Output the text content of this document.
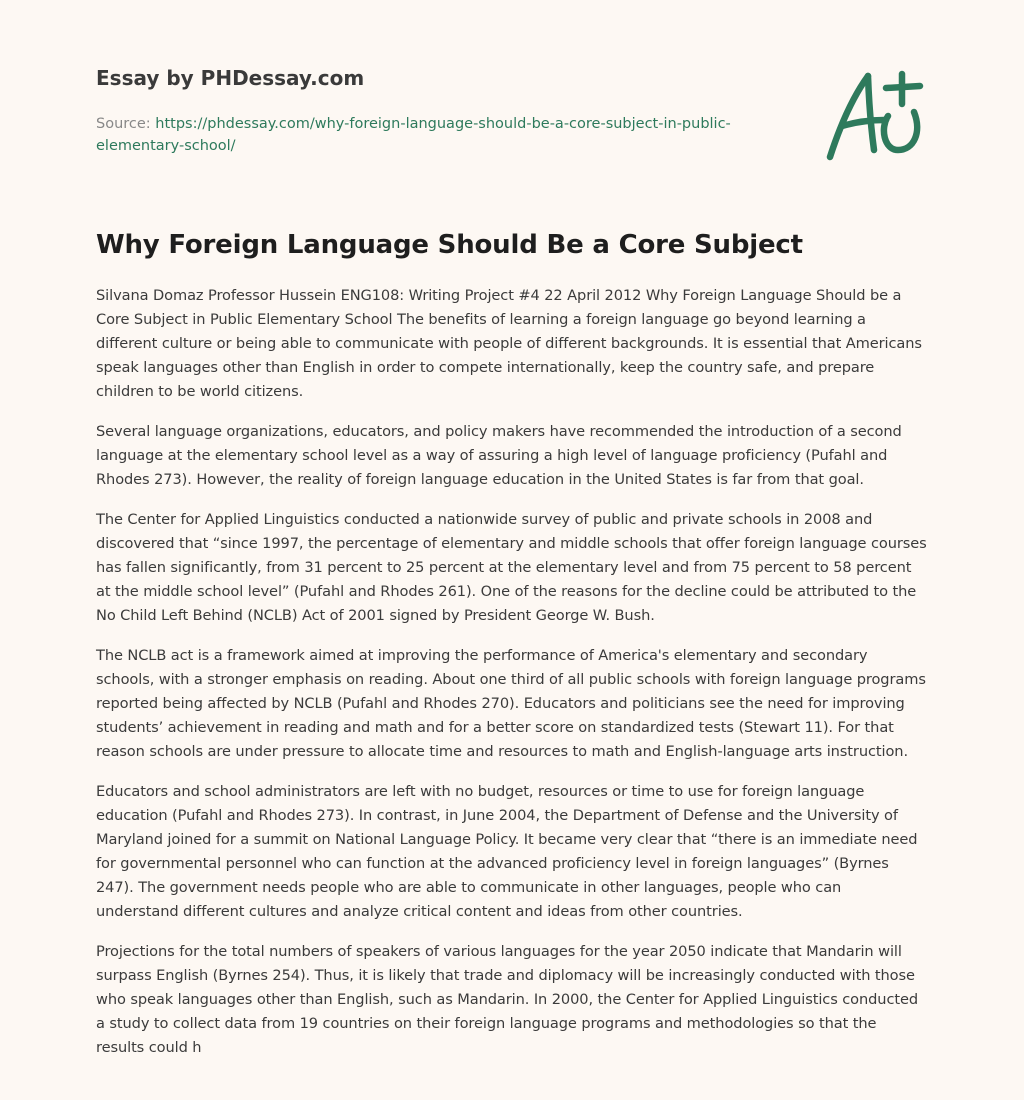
Essay by PHDessay.com
Source: https://phdessay.com/why-foreign-language-should-be-a-core-subject-in-public-elementary-school/
Why Foreign Language Should Be a Core Subject

Silvana Domaz Professor Hussein ENG108: Writing Project #4 22 April 2012 Why Foreign Language Should be a Core Subject in Public Elementary School The benefits of learning a foreign language go beyond learning a different culture or being able to communicate with people of different backgrounds. It is essential that Americans speak languages other than English in order to compete internationally, keep the country safe, and prepare children to be world citizens.

Several language organizations, educators, and policy makers have recommended the introduction of a second language at the elementary school level as a way of assuring a high level of language proficiency (Pufahl and Rhodes 273). However, the reality of foreign language education in the United States is far from that goal.

The Center for Applied Linguistics conducted a nationwide survey of public and private schools in 2008 and discovered that “since 1997, the percentage of elementary and middle schools that offer foreign language courses has fallen significantly, from 31 percent to 25 percent at the elementary level and from 75 percent to 58 percent at the middle school level” (Pufahl and Rhodes 261). One of the reasons for the decline could be attributed to the No Child Left Behind (NCLB) Act of 2001 signed by President George W. Bush.

The NCLB act is a framework aimed at improving the performance of America's elementary and secondary schools, with a stronger emphasis on reading. About one third of all public schools with foreign language programs reported being affected by NCLB (Pufahl and Rhodes 270). Educators and politicians see the need for improving students’ achievement in reading and math and for a better score on standardized tests (Stewart 11). For that reason schools are under pressure to allocate time and resources to math and English-language arts instruction.

Educators and school administrators are left with no budget, resources or time to use for foreign language education (Pufahl and Rhodes 273). In contrast, in June 2004, the Department of Defense and the University of Maryland joined for a summit on National Language Policy. It became very clear that “there is an immediate need for governmental personnel who can function at the advanced proficiency level in foreign languages” (Byrnes 247). The government needs people who are able to communicate in other languages, people who can understand different cultures and analyze critical content and ideas from other countries.

Projections for the total numbers of speakers of various languages for the year 2050 indicate that Mandarin will surpass English (Byrnes 254). Thus, it is likely that trade and diplomacy will be increasingly conducted with those who speak languages other than English, such as Mandarin. In 2000, the Center for Applied Linguistics conducted a study to collect data from 19 countries on their foreign language programs and methodologies so that the results could h
